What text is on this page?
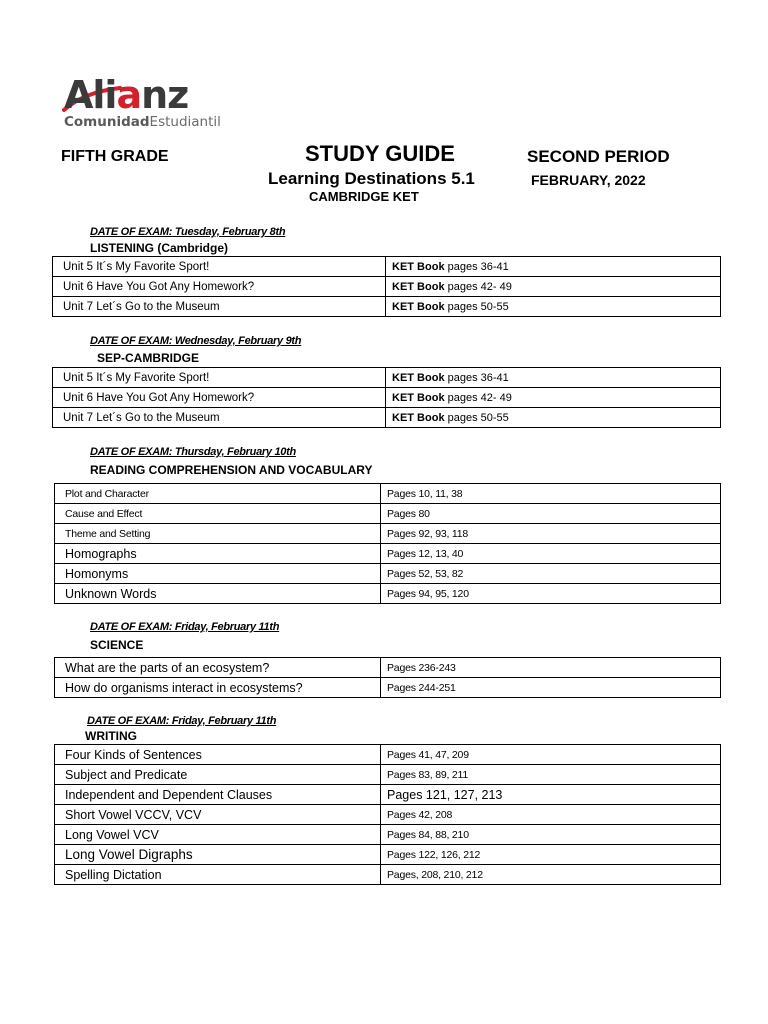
Alianz
ComunidadEstudiantil
FIFTH GRADE	STUDY GUIDE	SECOND PERIOD
Learning Destinations 5.1	FEBRUARY, 2022
CAMBRIDGE KET
DATE OF EXAM: Tuesday, February 8th
LISTENING (Cambridge)
Unit 5 It´s My Favorite Sport!	KET Book pages 36-41
Unit 6 Have You Got Any Homework?	KET Book pages 42- 49
Unit 7 Let´s Go to the Museum	KET Book pages 50-55
DATE OF EXAM: Wednesday, February 9th
SEP-CAMBRIDGE
Unit 5 It´s My Favorite Sport!	KET Book pages 36-41
Unit 6 Have You Got Any Homework?	KET Book pages 42- 49
Unit 7 Let´s Go to the Museum	KET Book pages 50-55
DATE OF EXAM: Thursday, February 10th
READING COMPREHENSION AND VOCABULARY
Plot and Character	Pages 10, 11, 38
Cause and Effect	Pages 80
Theme and Setting	Pages 92, 93, 118
Homographs	Pages 12, 13, 40
Homonyms	Pages 52, 53, 82
Unknown Words	Pages 94, 95, 120
DATE OF EXAM: Friday, February 11th
SCIENCE
What are the parts of an ecosystem?	Pages 236-243
How do organisms interact in ecosystems?	Pages 244-251
DATE OF EXAM: Friday, February 11th
WRITING
Four Kinds of Sentences	Pages 41, 47, 209
Subject and Predicate	Pages 83, 89, 211
Independent and Dependent Clauses	Pages 121, 127, 213
Short Vowel VCCV, VCV	Pages 42, 208
Long Vowel VCV	Pages 84, 88, 210
Long Vowel Digraphs	Pages 122, 126, 212
Spelling Dictation	Pages, 208, 210, 212
